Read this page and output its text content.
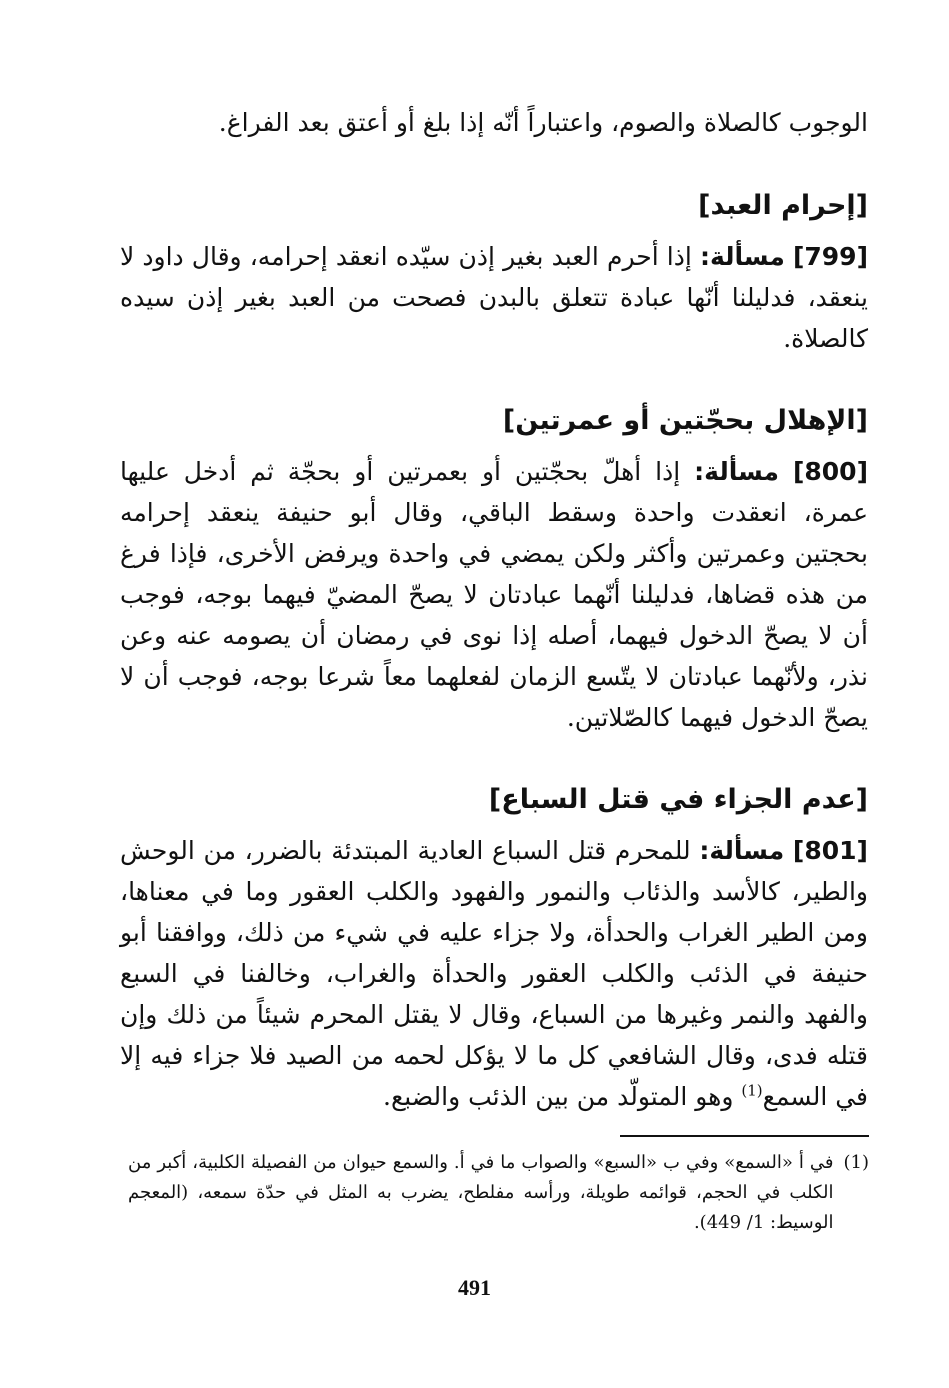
الوجوب كالصلاة والصوم، واعتباراً أنّه إذا بلغ أو أعتق بعد الفراغ.

[إحرام العبد]

[799] مسألة: إذا أحرم العبد بغير إذن سيّده انعقد إحرامه، وقال داود لا ينعقد، فدليلنا أنّها عبادة تتعلق بالبدن فصحت من العبد بغير إذن سيده كالصلاة.

[الإهلال بحجّتين أو عمرتين]

[800] مسألة: إذا أهلّ بحجّتين أو بعمرتين أو بحجّة ثم أدخل عليها عمرة، انعقدت واحدة وسقط الباقي، وقال أبو حنيفة ينعقد إحرامه بحجتين وعمرتين وأكثر ولكن يمضي في واحدة ويرفض الأخرى، فإذا فرغ من هذه قضاها، فدليلنا أنّهما عبادتان لا يصحّ المضيّ فيهما بوجه، فوجب أن لا يصحّ الدخول فيهما، أصله إذا نوى في رمضان أن يصومه عنه وعن نذر، ولأنّهما عبادتان لا يتّسع الزمان لفعلهما معاً شرعا بوجه، فوجب أن لا يصحّ الدخول فيهما كالصّلاتين.

[عدم الجزاء في قتل السباع]

[801] مسألة: للمحرم قتل السباع العادية المبتدئة بالضرر، من الوحش والطير، كالأسد والذئاب والنمور والفهود والكلب العقور وما في معناها، ومن الطير الغراب والحدأة، ولا جزاء عليه في شيء من ذلك، ووافقنا أبو حنيفة في الذئب والكلب العقور والحدأة والغراب، وخالفنا في السبع والفهد والنمر وغيرها من السباع، وقال لا يقتل المحرم شيئاً من ذلك وإن قتله فدى، وقال الشافعي كل ما لا يؤكل لحمه من الصيد فلا جزاء فيه إلا في السمع$^{(1)}$ وهو المتولّد من بين الذئب والضبع.

(1)
في أ «السمع» وفي ب «السبع» والصواب ما في أ. والسمع حيوان من الفصيلة الكلبية، أكبر من الكلب في الحجم، قوائمه طويلة، ورأسه مفلطح، يضرب به المثل في حدّة سمعه، (المعجم الوسيط: 1/ 449).
491
